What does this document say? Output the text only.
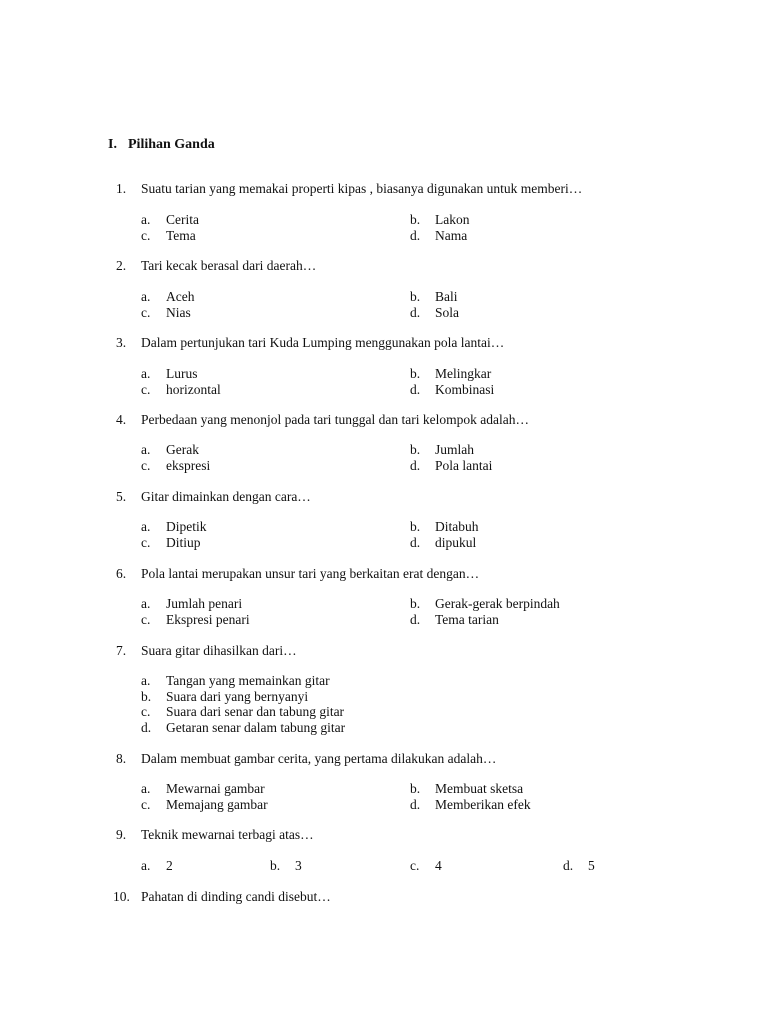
I. Pilihan Ganda
1. Suatu tarian yang memakai properti kipas , biasanya digunakan untuk memberi…
a. Cerita	b. Lakon
c. Tema	d. Nama
2. Tari kecak berasal dari daerah…
a. Aceh	b. Bali
c. Nias	d. Sola
3. Dalam pertunjukan tari Kuda Lumping menggunakan pola lantai…
a. Lurus	b. Melingkar
c. horizontal	d. Kombinasi
4. Perbedaan yang menonjol pada tari tunggal dan tari kelompok adalah…
a. Gerak	b. Jumlah
c. ekspresi	d. Pola lantai
5. Gitar dimainkan dengan cara…
a. Dipetik	b. Ditabuh
c. Ditiup	d. dipukul
6. Pola lantai merupakan unsur tari yang berkaitan erat dengan…
a. Jumlah penari	b. Gerak-gerak berpindah
c. Ekspresi penari	d. Tema tarian
7. Suara gitar dihasilkan dari…
a. Tangan yang memainkan gitar
b. Suara dari yang bernyanyi
c. Suara dari senar dan tabung gitar
d. Getaran senar dalam tabung gitar
8. Dalam membuat gambar cerita, yang pertama dilakukan adalah…
a. Mewarnai gambar	b. Membuat sketsa
c. Memajang gambar	d. Memberikan efek
9. Teknik mewarnai terbagi atas…
a. 2	b. 3	c. 4	d. 5
10. Pahatan di dinding candi disebut…
